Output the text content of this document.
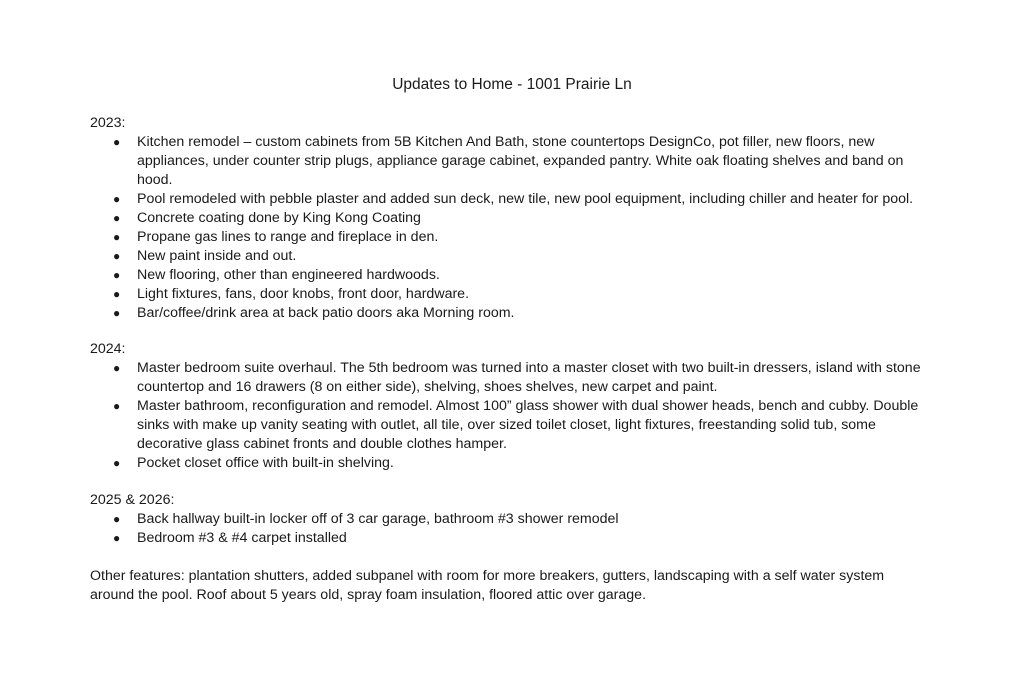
Updates to Home - 1001 Prairie Ln

2023:

● Kitchen remodel – custom cabinets from 5B Kitchen And Bath, stone countertops DesignCo, pot filler, new floors, new appliances, under counter strip plugs, appliance garage cabinet, expanded pantry. White oak floating shelves and band on hood.
● Pool remodeled with pebble plaster and added sun deck, new tile, new pool equipment, including chiller and heater for pool.
● Concrete coating done by King Kong Coating
● Propane gas lines to range and fireplace in den.
● New paint inside and out.
● New flooring, other than engineered hardwoods.
● Light fixtures, fans, door knobs, front door, hardware.
● Bar/coffee/drink area at back patio doors aka Morning room.

2024:

● Master bedroom suite overhaul. The 5th bedroom was turned into a master closet with two built-in dressers, island with stone countertop and 16 drawers (8 on either side), shelving, shoes shelves, new carpet and paint.
● Master bathroom, reconfiguration and remodel. Almost 100” glass shower with dual shower heads, bench and cubby. Double sinks with make up vanity seating with outlet, all tile, over sized toilet closet, light fixtures, freestanding solid tub, some decorative glass cabinet fronts and double clothes hamper.
● Pocket closet office with built-in shelving.

2025 & 2026:

● Back hallway built-in locker off of 3 car garage, bathroom #3 shower remodel
● Bedroom #3 & #4 carpet installed

Other features: plantation shutters, added subpanel with room for more breakers, gutters, landscaping with a self water system around the pool. Roof about 5 years old, spray foam insulation, floored attic over garage.
